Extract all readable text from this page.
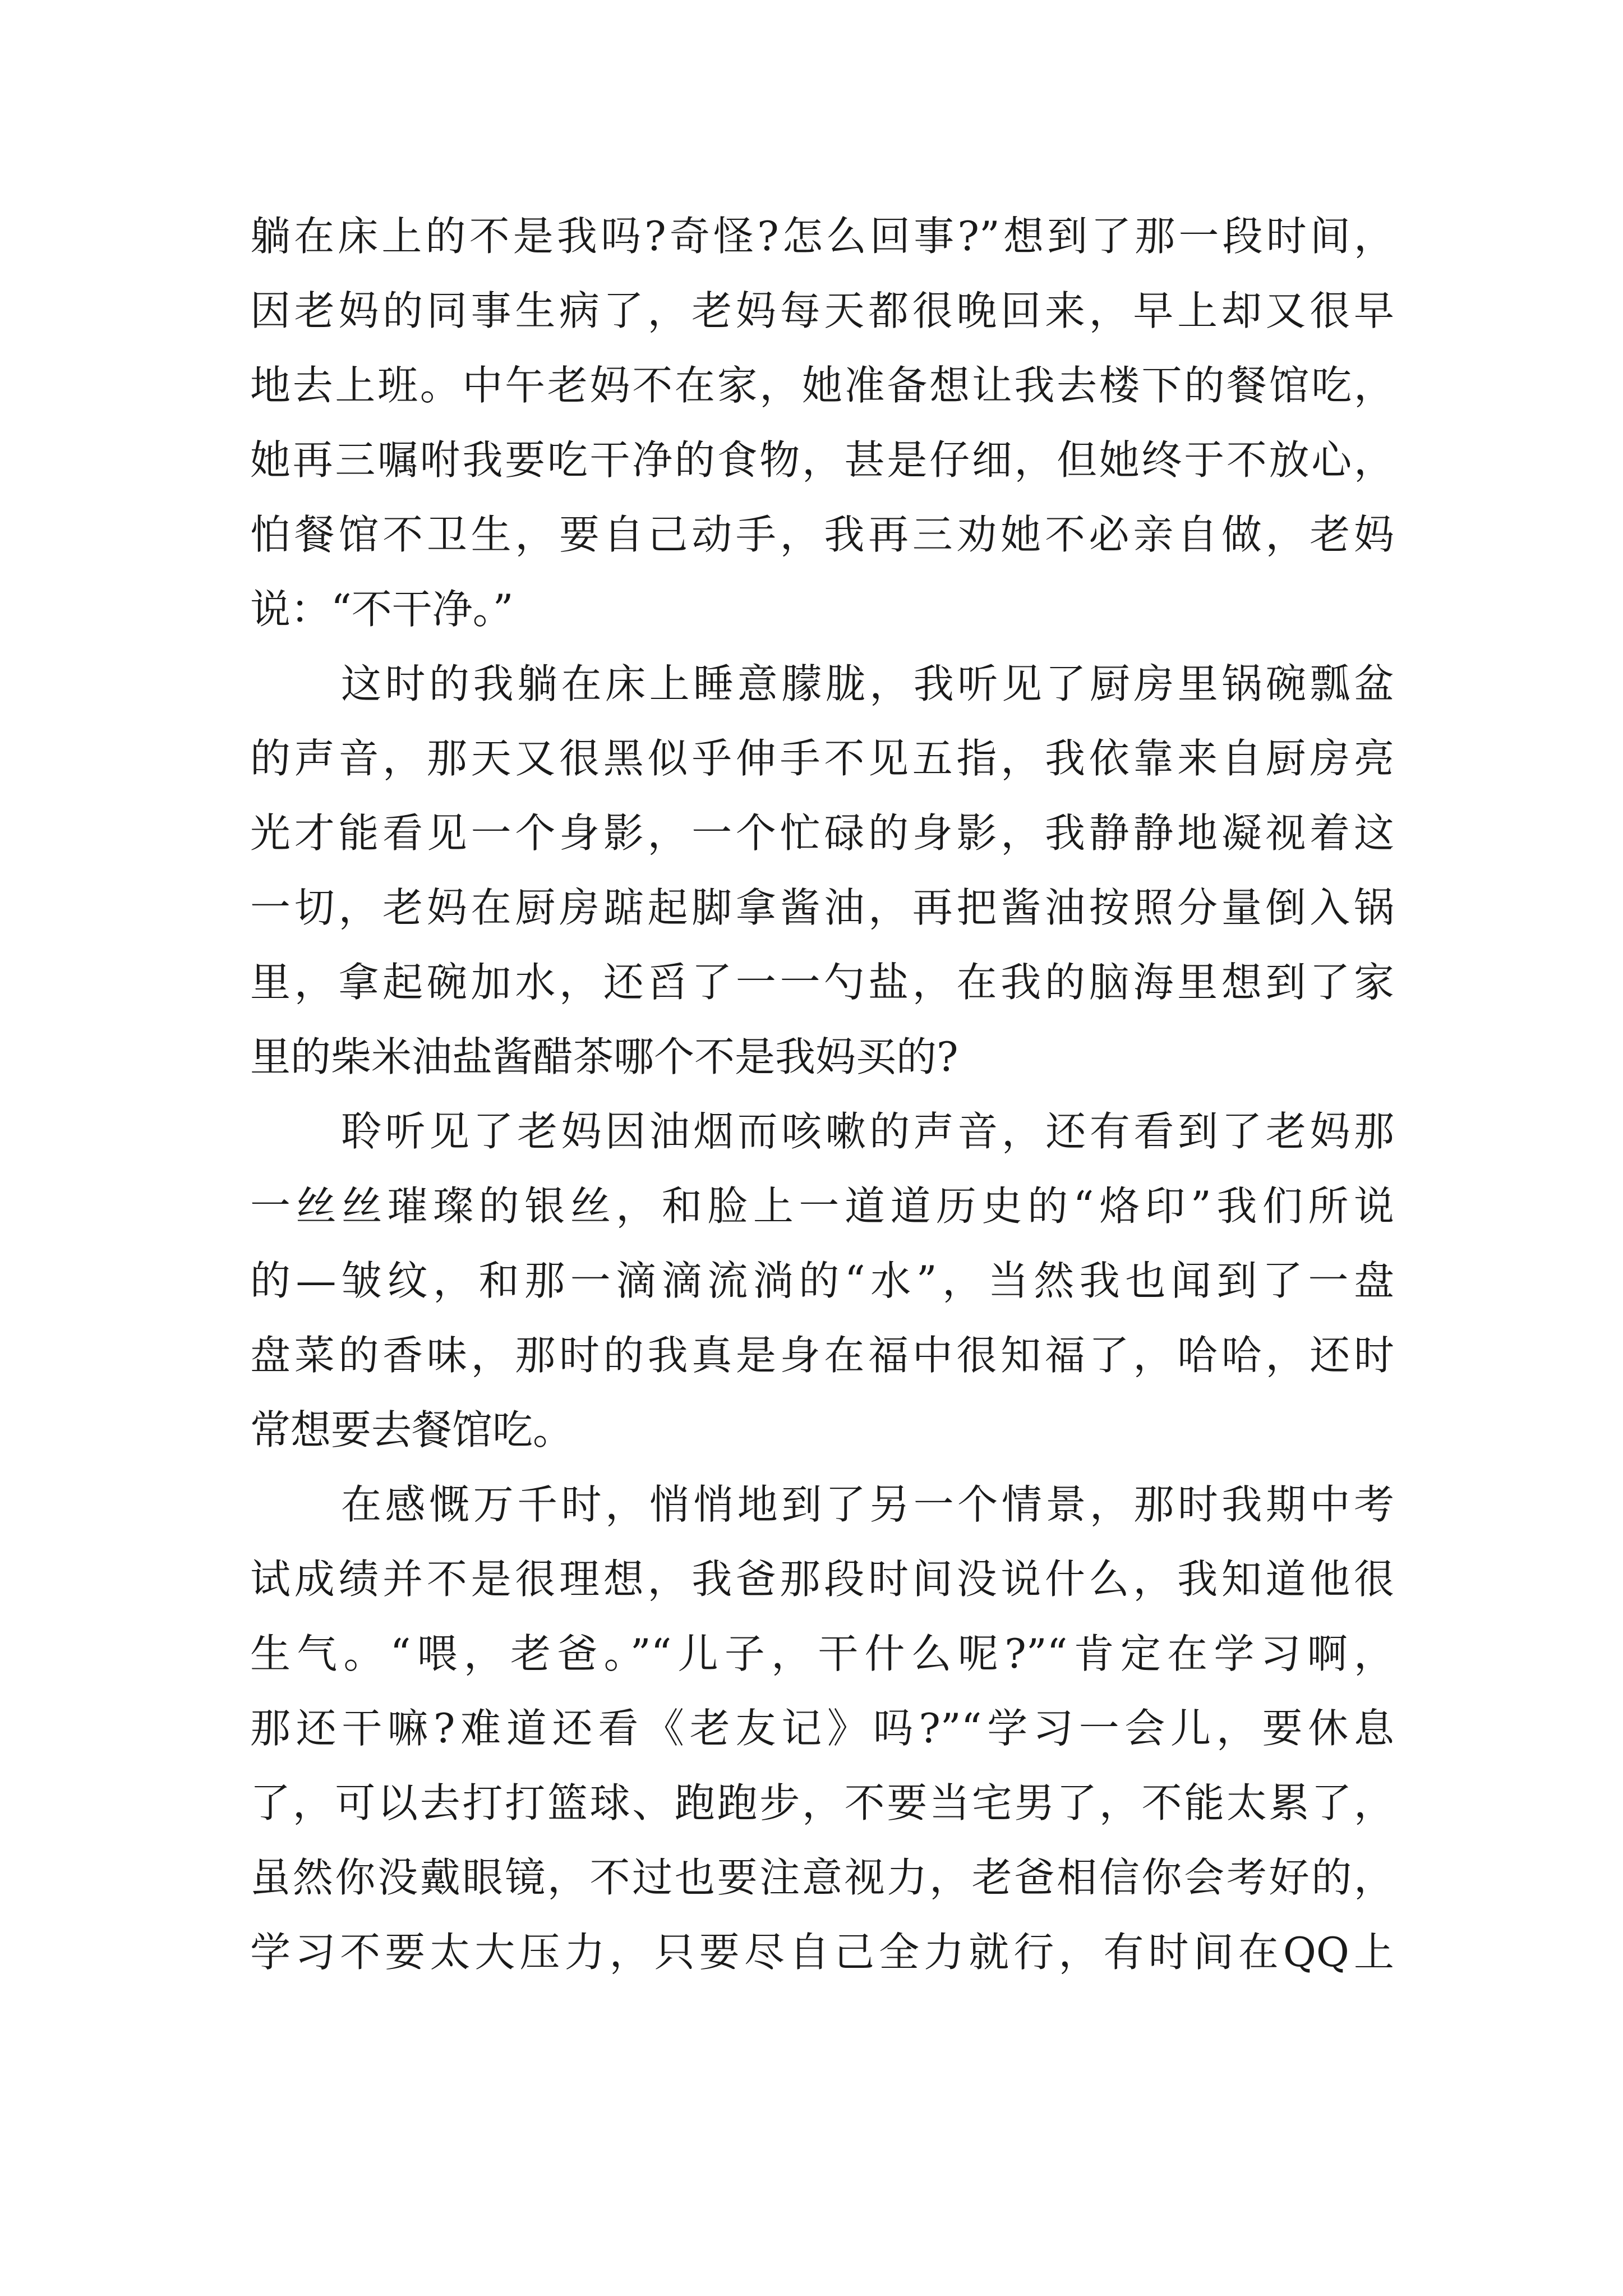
躺在床上的不是我吗?奇怪?怎么回事?”想到了那一段时间，
因老妈的同事生病了，老妈每天都很晚回来，早上却又很早
地去上班。中午老妈不在家，她准备想让我去楼下的餐馆吃，
她再三嘱咐我要吃干净的食物，甚是仔细，但她终于不放心，
怕餐馆不卫生，要自己动手，我再三劝她不必亲自做，老妈
说：“不干净。”
这时的我躺在床上睡意朦胧，我听见了厨房里锅碗瓢盆
的声音，那天又很黑似乎伸手不见五指，我依靠来自厨房亮
光才能看见一个身影，一个忙碌的身影，我静静地凝视着这
一切，老妈在厨房踮起脚拿酱油，再把酱油按照分量倒入锅
里，拿起碗加水，还舀了一一勺盐，在我的脑海里想到了家
里的柴米油盐酱醋茶哪个不是我妈买的?
聆听见了老妈因油烟而咳嗽的声音，还有看到了老妈那
一丝丝璀璨的银丝，和脸上一道道历史的“烙印”我们所说
的—皱纹，和那一滴滴流淌的“水”，当然我也闻到了一盘
盘菜的香味，那时的我真是身在福中很知福了，哈哈，还时
常想要去餐馆吃。
在感慨万千时，悄悄地到了另一个情景，那时我期中考
试成绩并不是很理想，我爸那段时间没说什么，我知道他很
生气。“喂，老爸。”“儿子，干什么呢?”“肯定在学习啊，
那还干嘛?难道还看《老友记》吗?”“学习一会儿，要休息
了，可以去打打篮球、跑跑步，不要当宅男了，不能太累了，
虽然你没戴眼镜，不过也要注意视力，老爸相信你会考好的，
学习不要太大压力，只要尽自己全力就行，有时间在QQ上
